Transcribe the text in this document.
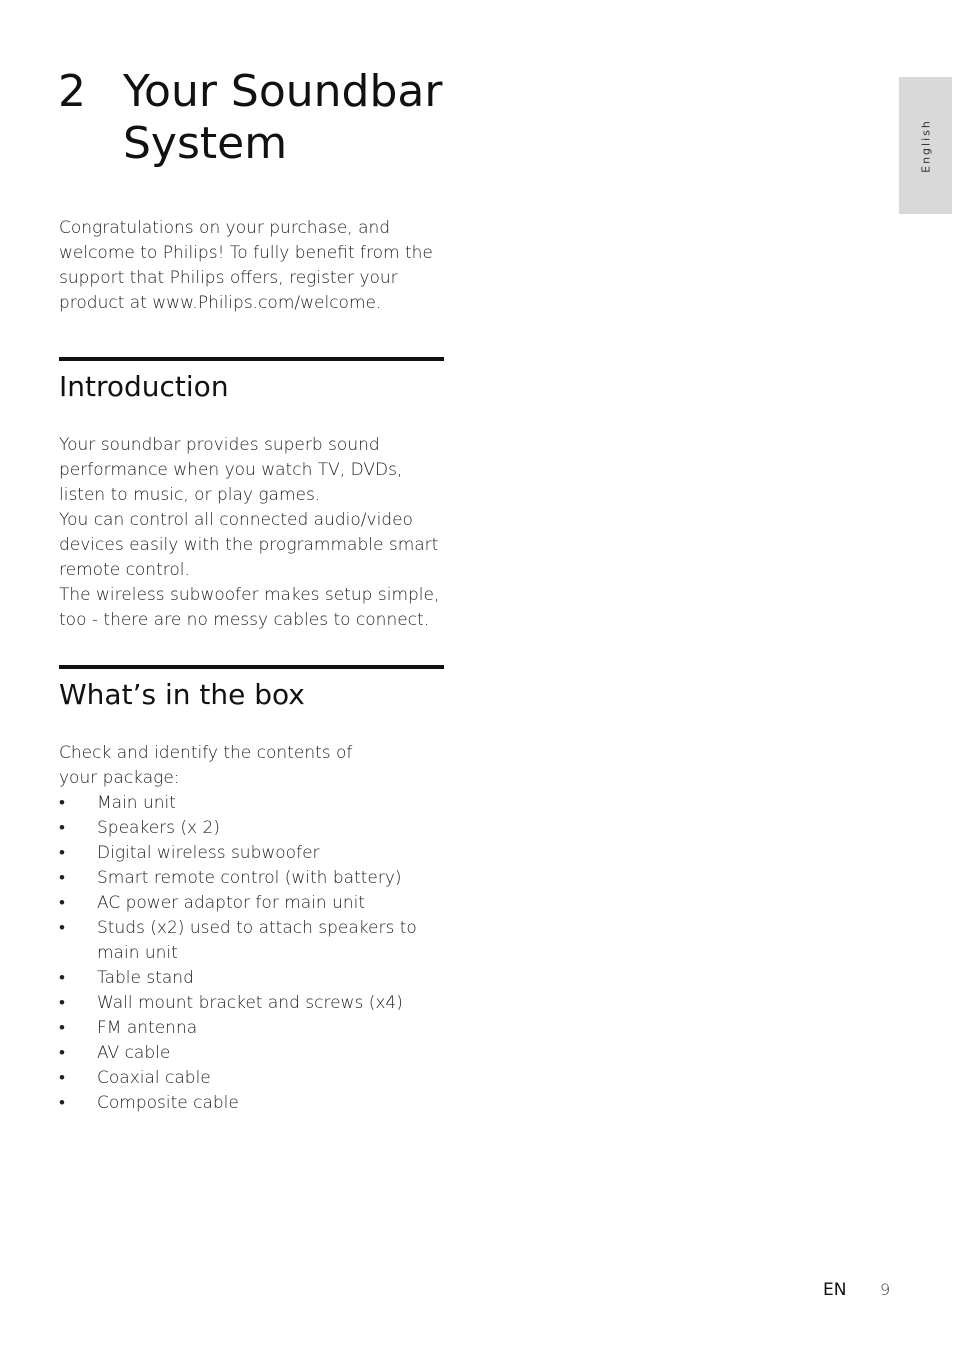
2 Your Soundbar System

Congratulations on your purchase, and welcome to Philips! To fully benefit from the support that Philips offers, register your product at www.Philips.com/welcome.

Introduction

Your soundbar provides superb sound performance when you watch TV, DVDs, listen to music, or play games.

You can control all connected audio/video devices easily with the programmable smart remote control.

The wireless subwoofer makes setup simple, too - there are no messy cables to connect.

What’s in the box

Check and identify the contents of your package:

• Main unit
• Speakers (x 2)
• Digital wireless subwoofer
• Smart remote control (with battery)
• AC power adaptor for main unit
• Studs (x2) used to attach speakers to main unit
• Table stand
• Wall mount bracket and screws (x4)
• FM antenna
• AV cable
• Coaxial cable
• Composite cable
English
EN 9
